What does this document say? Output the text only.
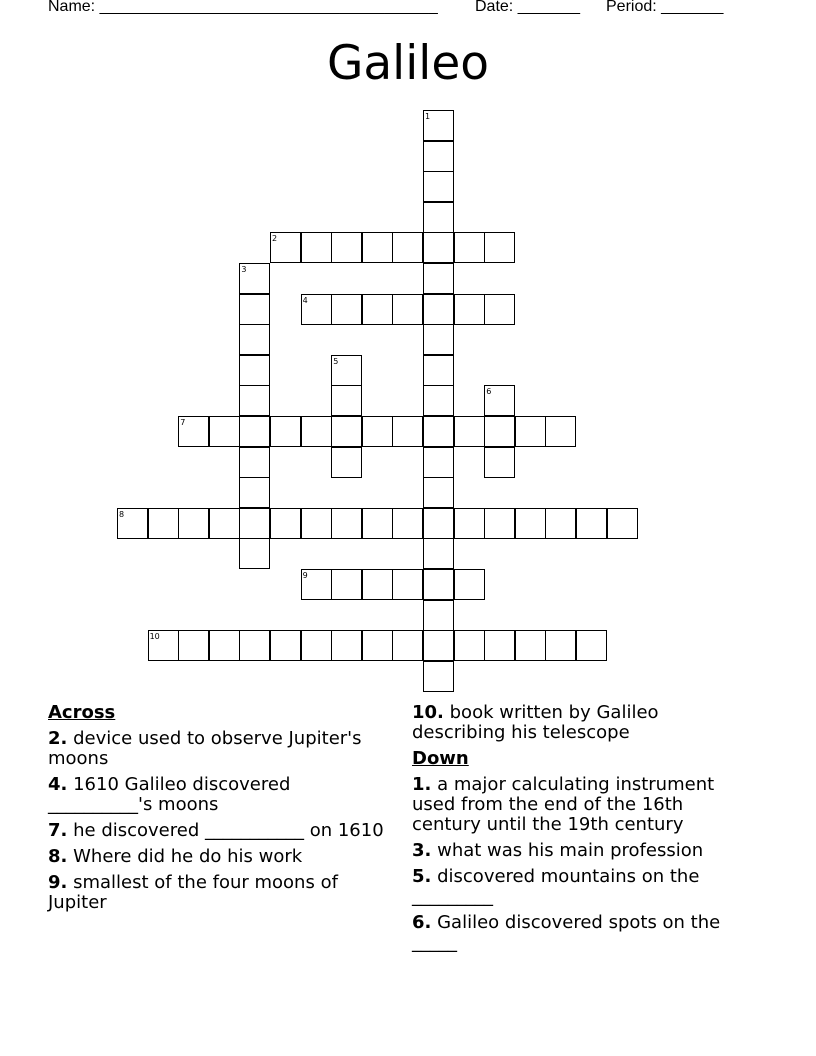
Name: ______________________________________ Date: _______ Period: _______
Galileo
1
2
3
4
5
6
7
8
9
10
Across
2. device used to observe Jupiter's moons
4. 1610 Galileo discovered __________'s moons
7. he discovered ___________ on 1610
8. Where did he do his work
9. smallest of the four moons of Jupiter
10. book written by Galileo describing his telescope
Down
1. a major calculating instrument used from the end of the 16th century until the 19th century
3. what was his main profession
5. discovered mountains on the _________
6. Galileo discovered spots on the _____
